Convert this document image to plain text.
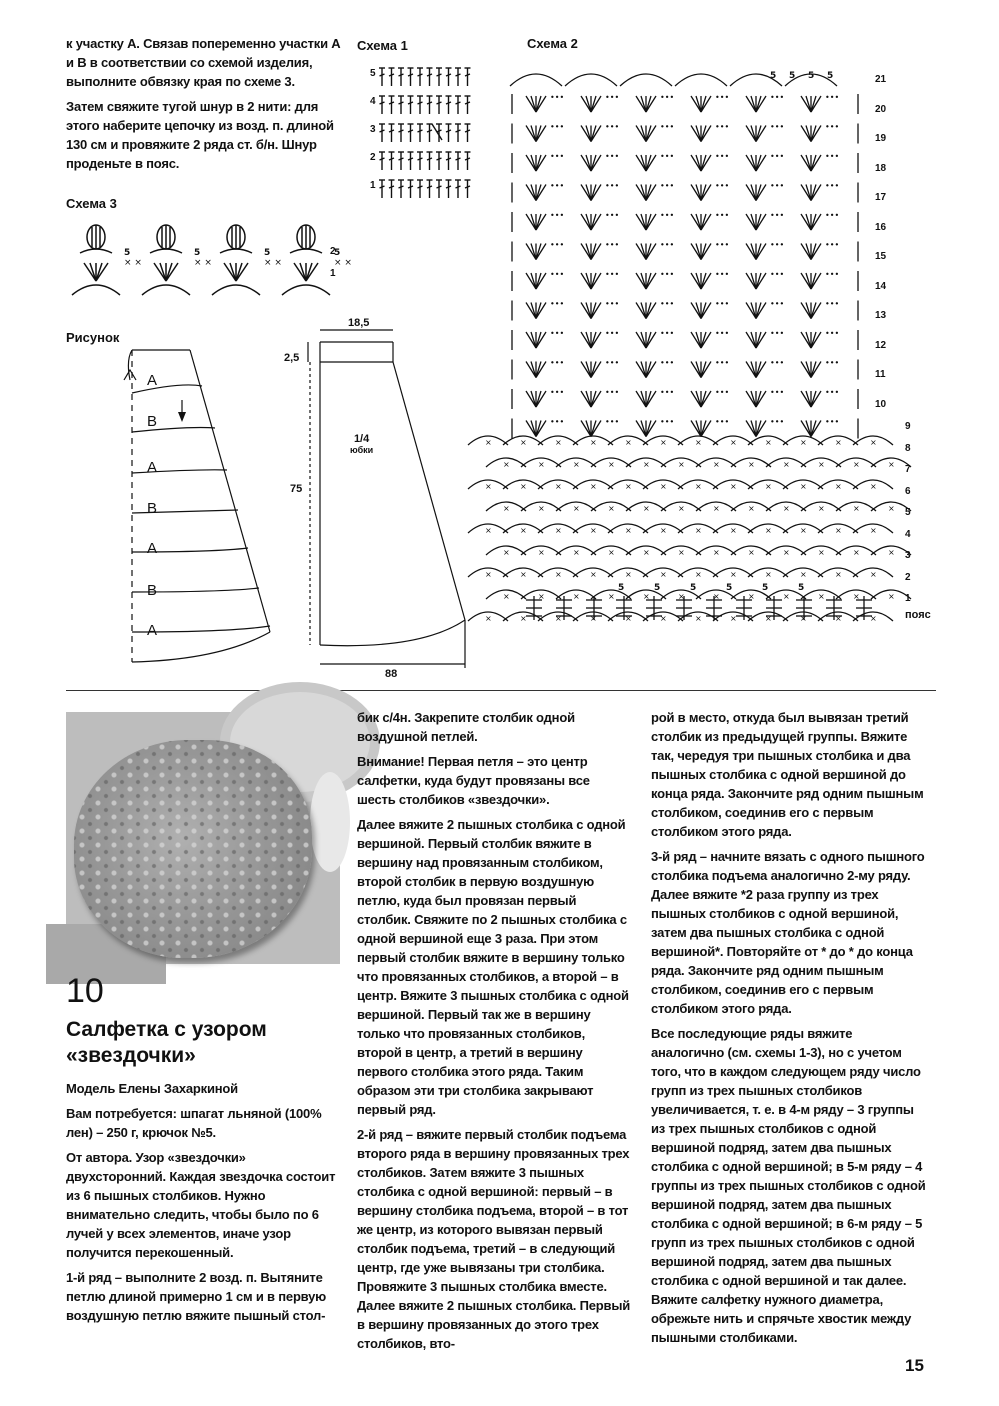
к участку А. Связав попеременно участки А и В в соответствии со схемой изделия, выполните обвязку края по схеме 3.

Затем свяжите тугой шнур в 2 нити: для этого наберите цепочку из возд. п. длиной 130 см и провяжите 2 ряда ст. б/н. Шнур проденьте в пояс.

Схема 3
× ×	× ×	× ×	× ×
5	5	5	5
2
1
Схема 1
5
4
3
2
1
Схема 2
5 5 5 5
•••	•••	•••	•••	•••	•••
•••	•••	•••	•••	•••	•••
•••	•••	•••	•••	•••	•••
•••	•••	•••	•••	•••	•••
•••	•••	•••	•••	•••	•••
•••	•••	•••	•••	•••	•••
•••	•••	•••	•••	•••	•••
•••	•••	•••	•••	•••	•••
•••	•••	•••	•••	•••	•••
•••	•••	•••	•••	•••	•••
•••	•••	•••	•••	•••	•••
•••	•••	•••	•••	•••	•••
×	×	×	×	×	×	×	×	×	×	×	×
×	×	×	×	×	×	×	×	×	×	×	×
×	×	×	×	×	×	×	×	×	×	×	×
×	×	×	×	×	×	×	×	×	×	×	×
×	×	×	×	×	×	×	×	×	×	×	×
×	×	×	×	×	×	×	×	×	×	×	×
×	×	×	×	×	×	×	×	×	×	×	×
×	×	×	×	×	×	×	×	×	×	×	×
×	×	×	×	×	×	×	×	×	×	×	×
5	5	5	5	5	5
21
20
19
18
17
16
15
14
13
12
11
10
9
8
7
6
5
4
3
2
1
пояс
Рисунок
A
B
A
B
A
B
A
18,5
2,5
75
88
1/4
юбки
10
Салфетка с узором
«звездочки»

Модель Елены Захаркиной

Вам потребуется: шпагат льняной (100% лен) – 250 г, крючок №5.

От автора. Узор «звездочки» двухсторонний. Каждая звездочка состоит из 6 пышных столбиков. Нужно внимательно следить, чтобы было по 6 лучей у всех элементов, иначе узор получится перекошенный.

1-й ряд – выполните 2 возд. п. Вытяните петлю длиной примерно 1 см и в первую воздушную петлю вяжите пышный стол-

бик с/4н. Закрепите столбик одной воздушной петлей.

Внимание! Первая петля – это центр салфетки, куда будут провязаны все шесть столбиков «звездочки».

Далее вяжите 2 пышных столбика с одной вершиной. Первый столбик вяжите в вершину над провязанным столбиком, второй столбик в первую воздушную петлю, куда был провязан первый столбик. Свяжите по 2 пышных столбика с одной вершиной еще 3 раза. При этом первый столбик вяжите в вершину только что провязанных столбиков, а второй – в центр. Вяжите 3 пышных столбика с одной вершиной. Первый так же в вершину только что провязанных столбиков, второй в центр, а третий в вершину первого столбика этого ряда. Таким образом эти три столбика закрывают первый ряд.

2-й ряд – вяжите первый столбик подъема второго ряда в вершину провязанных трех столбиков. Затем вяжите 3 пышных столбика с одной вершиной: первый – в вершину столбика подъема, второй – в тот же центр, из которого вывязан первый столбик подъема, третий – в следующий центр, где уже вывязаны три столбика. Провяжите 3 пышных столбика вместе. Далее вяжите 2 пышных столбика. Первый в вершину провязанных до этого трех столбиков, вто-

рой в место, откуда был вывязан третий столбик из предыдущей группы. Вяжите так, чередуя три пышных столбика и два пышных столбика с одной вершиной до конца ряда. Закончите ряд одним пышным столбиком, соединив его с первым столбиком этого ряда.

3-й ряд – начните вязать с одного пышного столбика подъема аналогично 2-му ряду. Далее вяжите *2 раза группу из трех пышных столбиков с одной вершиной, затем два пышных столбика с одной вершиной*. Повторяйте от * до * до конца ряда. Закончите ряд одним пышным столбиком, соединив его с первым столбиком этого ряда.

Все последующие ряды вяжите аналогично (см. схемы 1-3), но с учетом того, что в каждом следующем ряду число групп из трех пышных столбиков увеличивается, т. е. в 4-м ряду – 3 группы из трех пышных столбиков с одной вершиной подряд, затем два пышных столбика с одной вершиной; в 5-м ряду – 4 группы из трех пышных столбиков с одной вершиной подряд, затем два пышных столбика с одной вершиной; в 6-м ряду – 5 групп из трех пышных столбиков с одной вершиной подряд, затем два пышных столбика с одной вершиной и так далее. Вяжите салфетку нужного диаметра, обрежьте нить и спрячьте хвостик между пышными столбиками.

15
